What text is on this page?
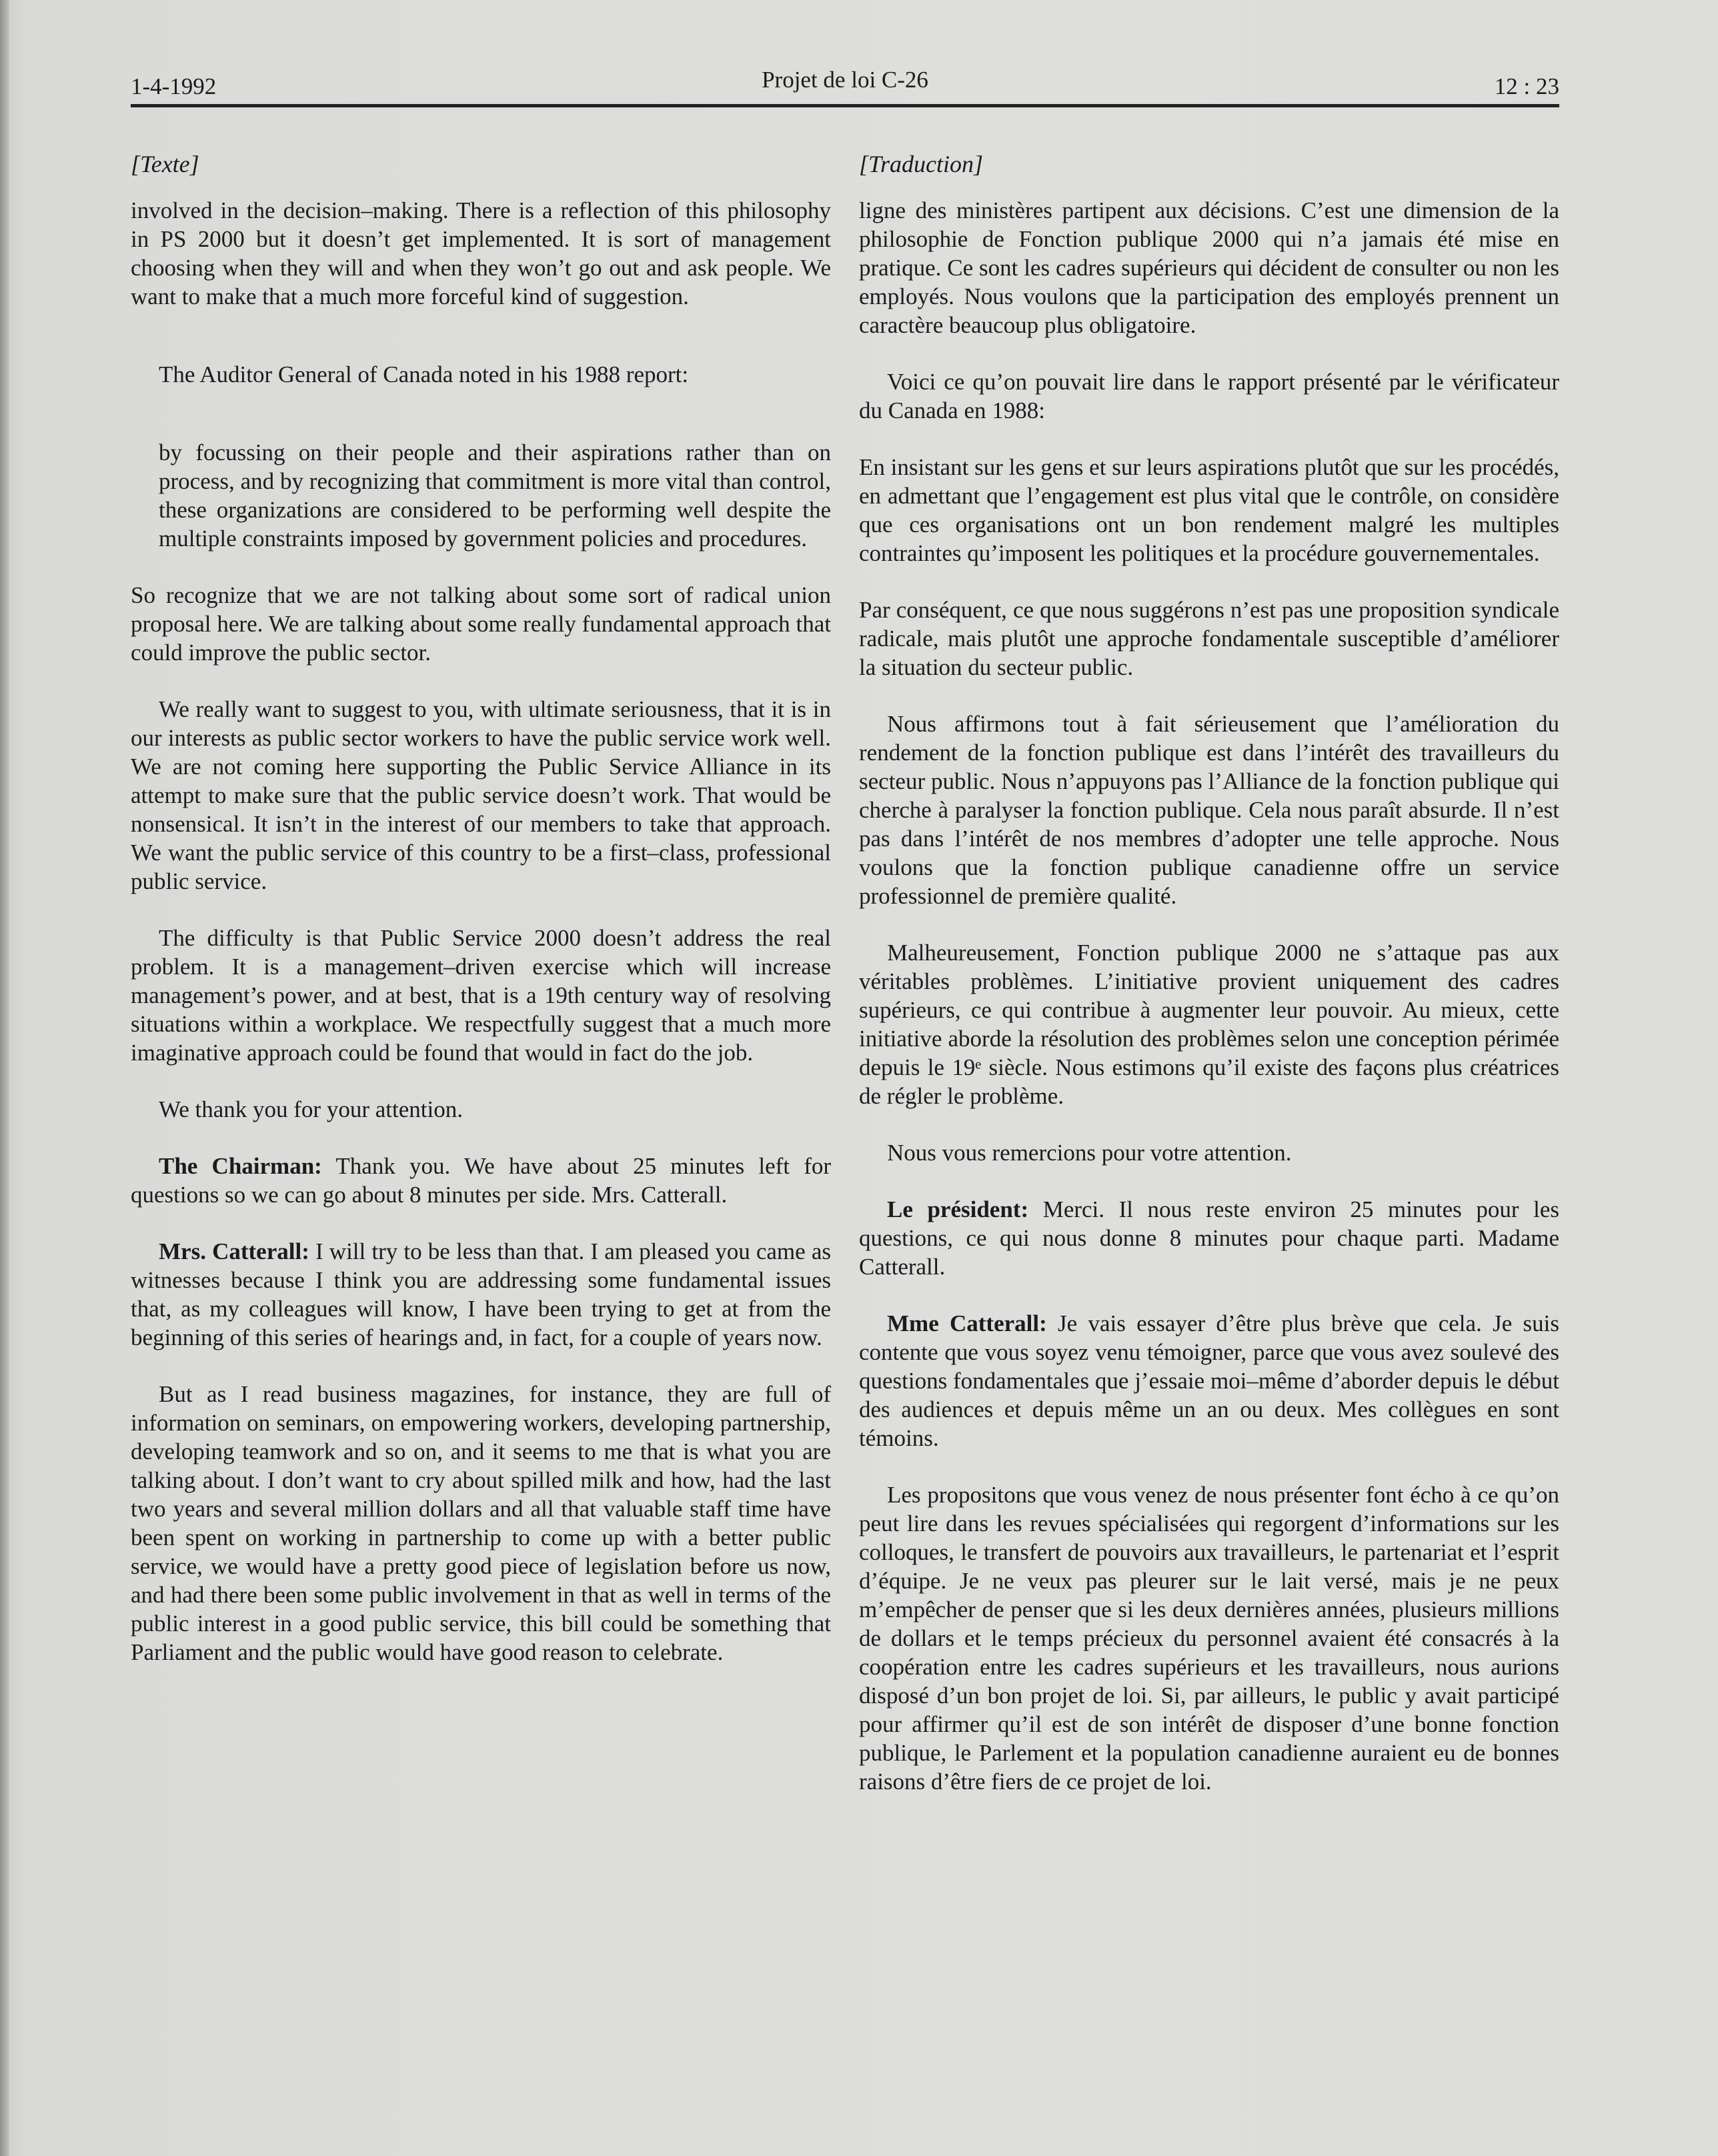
1-4-1992	Projet de loi C-26	12 : 23
[Texte]

involved in the decision–making. There is a reflection of this philosophy in PS 2000 but it doesn’t get implemented. It is sort of management choosing when they will and when they won’t go out and ask people. We want to make that a much more forceful kind of suggestion.

The Auditor General of Canada noted in his 1988 report:

by focussing on their people and their aspirations rather than on process, and by recognizing that commitment is more vital than control, these organizations are considered to be performing well despite the multiple constraints imposed by government policies and procedures.

So recognize that we are not talking about some sort of radical union proposal here. We are talking about some really fundamental approach that could improve the public sector.

We really want to suggest to you, with ultimate seriousness, that it is in our interests as public sector workers to have the public service work well. We are not coming here supporting the Public Service Alliance in its attempt to make sure that the public service doesn’t work. That would be nonsensical. It isn’t in the interest of our members to take that approach. We want the public service of this country to be a first–class, professional public service.

The difficulty is that Public Service 2000 doesn’t address the real problem. It is a management–driven exercise which will increase management’s power, and at best, that is a 19th century way of resolving situations within a workplace. We respectfully suggest that a much more imaginative approach could be found that would in fact do the job.

We thank you for your attention.

The Chairman: Thank you. We have about 25 minutes left for questions so we can go about 8 minutes per side. Mrs. Catterall.

Mrs. Catterall: I will try to be less than that. I am pleased you came as witnesses because I think you are addressing some fundamental issues that, as my colleagues will know, I have been trying to get at from the beginning of this series of hearings and, in fact, for a couple of years now.

But as I read business magazines, for instance, they are full of information on seminars, on empowering workers, developing partnership, developing teamwork and so on, and it seems to me that is what you are talking about. I don’t want to cry about spilled milk and how, had the last two years and several million dollars and all that valuable staff time have been spent on working in partnership to come up with a better public service, we would have a pretty good piece of legislation before us now, and had there been some public involvement in that as well in terms of the public interest in a good public service, this bill could be something that Parliament and the public would have good reason to celebrate.

[Traduction]

ligne des ministères partipent aux décisions. C’est une dimension de la philosophie de Fonction publique 2000 qui n’a jamais été mise en pratique. Ce sont les cadres supérieurs qui décident de consulter ou non les employés. Nous voulons que la participation des employés prennent un caractère beaucoup plus obligatoire.

Voici ce qu’on pouvait lire dans le rapport présenté par le vérificateur du Canada en 1988:

En insistant sur les gens et sur leurs aspirations plutôt que sur les procédés, en admettant que l’engagement est plus vital que le contrôle, on considère que ces organisations ont un bon rendement malgré les multiples contraintes qu’imposent les politiques et la procédure gouvernementales.

Par conséquent, ce que nous suggérons n’est pas une proposition syndicale radicale, mais plutôt une approche fondamentale susceptible d’améliorer la situation du secteur public.

Nous affirmons tout à fait sérieusement que l’amélioration du rendement de la fonction publique est dans l’intérêt des travailleurs du secteur public. Nous n’appuyons pas l’Alliance de la fonction publique qui cherche à paralyser la fonction publique. Cela nous paraît absurde. Il n’est pas dans l’intérêt de nos membres d’adopter une telle approche. Nous voulons que la fonction publique canadienne offre un service professionnel de première qualité.

Malheureusement, Fonction publique 2000 ne s’attaque pas aux véritables problèmes. L’initiative provient uniquement des cadres supérieurs, ce qui contribue à augmenter leur pouvoir. Au mieux, cette initiative aborde la résolution des problèmes selon une conception périmée depuis le 19ᵉ siècle. Nous estimons qu’il existe des façons plus créatrices de régler le problème.

Nous vous remercions pour votre attention.

Le président: Merci. Il nous reste environ 25 minutes pour les questions, ce qui nous donne 8 minutes pour chaque parti. Madame Catterall.

Mme Catterall: Je vais essayer d’être plus brève que cela. Je suis contente que vous soyez venu témoigner, parce que vous avez soulevé des questions fondamentales que j’essaie moi–même d’aborder depuis le début des audiences et depuis même un an ou deux. Mes collègues en sont témoins.

Les propositons que vous venez de nous présenter font écho à ce qu’on peut lire dans les revues spécialisées qui regorgent d’informations sur les colloques, le transfert de pouvoirs aux travailleurs, le partenariat et l’esprit d’équipe. Je ne veux pas pleurer sur le lait versé, mais je ne peux m’empêcher de penser que si les deux dernières années, plusieurs millions de dollars et le temps précieux du personnel avaient été consacrés à la coopération entre les cadres supérieurs et les travailleurs, nous aurions disposé d’un bon projet de loi. Si, par ailleurs, le public y avait participé pour affirmer qu’il est de son intérêt de disposer d’une bonne fonction publique, le Parlement et la population canadienne auraient eu de bonnes raisons d’être fiers de ce projet de loi.
